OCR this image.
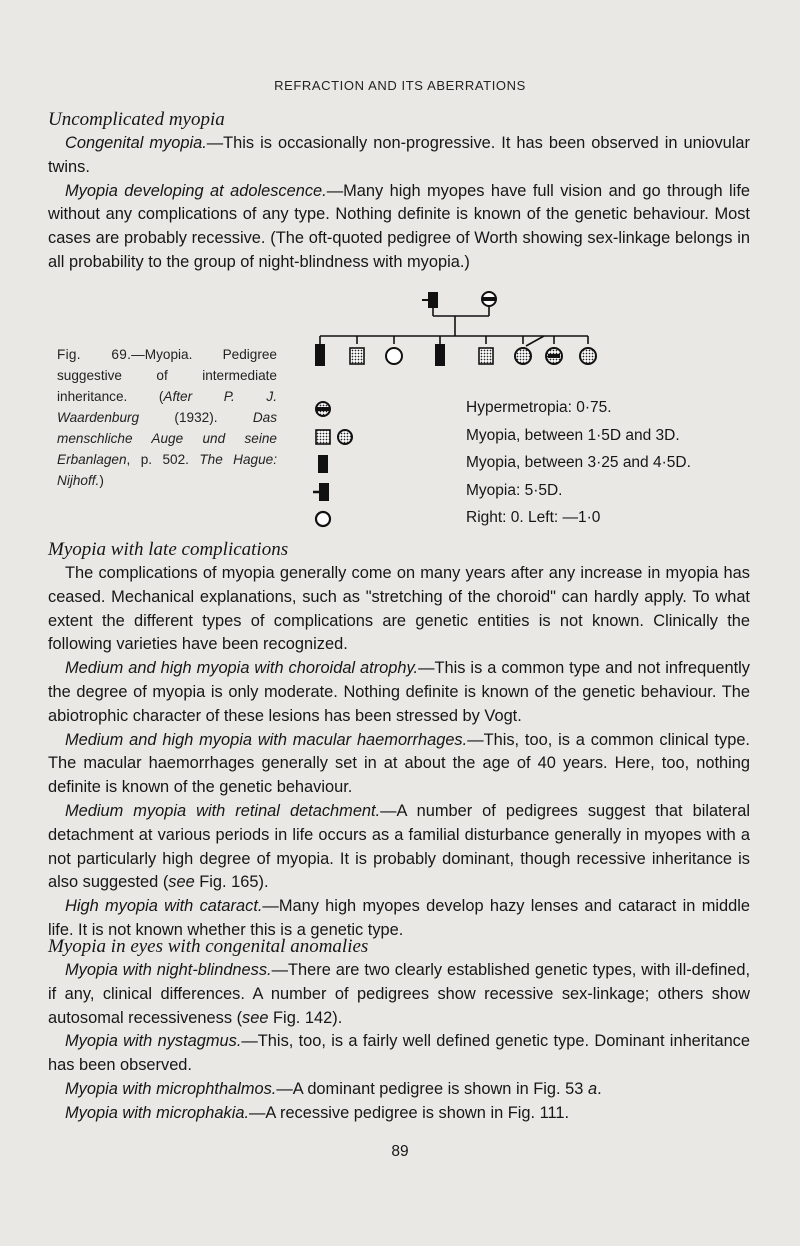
REFRACTION AND ITS ABERRATIONS

Uncomplicated myopia

Congenital myopia.—This is occasionally non-progressive. It has been observed in uniovular twins.

Myopia developing at adolescence.—Many high myopes have full vision and go through life without any complications of any type. Nothing definite is known of the genetic behaviour. Most cases are probably recessive. (The oft-quoted pedigree of Worth showing sex-linkage belongs in all probability to the group of night-blindness with myopia.)

Fig. 69.—Myopia. Pedigree suggestive of intermediate inheritance. (After P. J. Waardenburg (1932). Das menschliche Auge und seine Erbanlagen, p. 502. The Hague: Nijhoff.)
Hypermetropia: 0·75.
Myopia, between 1·5D and 3D.
Myopia, between 3·25 and 4·5D.
Myopia: 5·5D.
Right: 0. Left: —1·0

Myopia with late complications

The complications of myopia generally come on many years after any increase in myopia has ceased. Mechanical explanations, such as "stretching of the choroid" can hardly apply. To what extent the different types of complications are genetic entities is not known. Clinically the following varieties have been recognized.

Medium and high myopia with choroidal atrophy.—This is a common type and not infrequently the degree of myopia is only moderate. Nothing definite is known of the genetic behaviour. The abiotrophic character of these lesions has been stressed by Vogt.

Medium and high myopia with macular haemorrhages.—This, too, is a common clinical type. The macular haemorrhages generally set in at about the age of 40 years. Here, too, nothing definite is known of the genetic behaviour.

Medium myopia with retinal detachment.—A number of pedigrees suggest that bilateral detachment at various periods in life occurs as a familial disturbance generally in myopes with a not particularly high degree of myopia. It is probably dominant, though recessive inheritance is also suggested (see Fig. 165).

High myopia with cataract.—Many high myopes develop hazy lenses and cataract in middle life. It is not known whether this is a genetic type.

Myopia in eyes with congenital anomalies

Myopia with night-blindness.—There are two clearly established genetic types, with ill-defined, if any, clinical differences. A number of pedigrees show recessive sex-linkage; others show autosomal recessiveness (see Fig. 142).

Myopia with nystagmus.—This, too, is a fairly well defined genetic type. Dominant inheritance has been observed.

Myopia with microphthalmos.—A dominant pedigree is shown in Fig. 53 a.

Myopia with microphakia.—A recessive pedigree is shown in Fig. 111.

89
